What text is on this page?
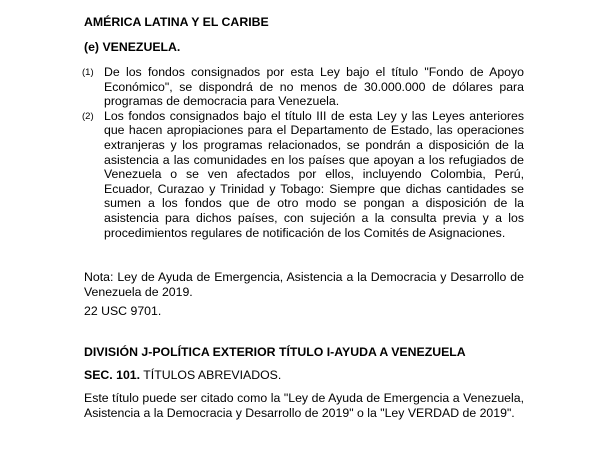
AMÉRICA LATINA Y EL CARIBE

(e) VENEZUELA.

(1) De los fondos consignados por esta Ley bajo el título "Fondo de Apoyo Económico", se dispondrá de no menos de 30.000.000 de dólares para programas de democracia para Venezuela.
(2) Los fondos consignados bajo el título III de esta Ley y las Leyes anteriores que hacen apropiaciones para el Departamento de Estado, las operaciones extranjeras y los programas relacionados, se pondrán a disposición de la asistencia a las comunidades en los países que apoyan a los refugiados de Venezuela o se ven afectados por ellos, incluyendo Colombia, Perú, Ecuador, Curazao y Trinidad y Tobago: Siempre que dichas cantidades se sumen a los fondos que de otro modo se pongan a disposición de la asistencia para dichos países, con sujeción a la consulta previa y a los procedimientos regulares de notificación de los Comités de Asignaciones.

Nota: Ley de Ayuda de Emergencia, Asistencia a la Democracia y Desarrollo de Venezuela de 2019.

22 USC 9701.

DIVISIÓN J-POLÍTICA EXTERIOR TÍTULO I-AYUDA A VENEZUELA

SEC. 101. TÍTULOS ABREVIADOS.

Este título puede ser citado como la "Ley de Ayuda de Emergencia a Venezuela, Asistencia a la Democracia y Desarrollo de 2019" o la "Ley VERDAD de 2019".
